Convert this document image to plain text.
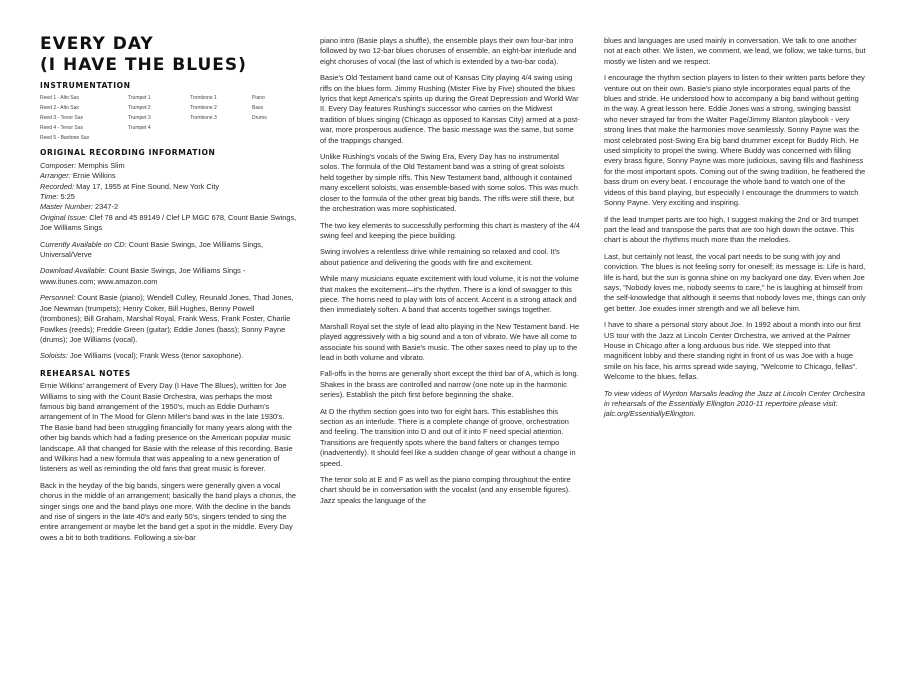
EVERY DAY
(I HAVE THE BLUES)
INSTRUMENTATION
Reed 1 - Alto Sax
Reed 2 - Alto Sax
Reed 3 - Tenor Sax
Reed 4 - Tenor Sax
Reed 5 - Baritone Sax
Trumpet 1
Trumpet 2
Trumpet 3
Trumpet 4
Trombone 1
Trombone 2
Trombone 3
Piano
Bass
Drums
ORIGINAL RECORDING INFORMATION

Composer: Memphis Slim

Arranger: Ernie Wilkins

Recorded: May 17, 1955 at Fine Sound, New York City

Time: 5:25

Master Number: 2347-2

Original Issue: Clef 78 and 45 89149 / Clef LP MGC 678, Count Basie Swings, Joe Williams Sings

Currently Available on CD: Count Basie Swings, Joe Williams Sings, Universal/Verve

Download Available: Count Basie Swings, Joe Williams Sings - www.itunes.com; www.amazon.com

Personnel: Count Basie (piano); Wendell Culley, Reunald Jones, Thad Jones, Joe Newman (trumpets); Henry Coker, Bill Hughes, Benny Powell (trombones); Bill Graham, Marshal Royal, Frank Wess, Frank Foster, Charlie Fowlkes (reeds); Freddie Green (guitar); Eddie Jones (bass); Sonny Payne (drums); Joe Williams (vocal).

Soloists: Joe Williams (vocal); Frank Wess (tenor saxophone).

REHEARSAL NOTES

Ernie Wilkins' arrangement of Every Day (I Have The Blues), written for Joe Williams to sing with the Count Basie Orchestra, was perhaps the most famous big band arrangement of the 1950's, much as Eddie Durham's arrangement of In The Mood for Glenn Miller's band was in the late 1930's. The Basie band had been struggling financially for many years along with the other big bands which had a fading presence on the American popular music landscape. All that changed for Basie with the release of this recording. Basie and Wilkins had a new formula that was appealing to a new generation of listeners as well as reminding the old fans that great music is forever.

Back in the heyday of the big bands, singers were generally given a vocal chorus in the middle of an arrangement; basically the band plays a chorus, the singer sings one and the band plays one more. With the decline in the bands and rise of singers in the late 40's and early 50's, singers tended to sing the entire arrangement or maybe let the band get a spot in the middle. Every Day owes a bit to both traditions. Following a six-bar

piano intro (Basie plays a shuffle), the ensemble plays their own four-bar intro followed by two 12-bar blues choruses of ensemble, an eight-bar interlude and eight choruses of vocal (the last of which is extended by a two-bar coda).

Basie's Old Testament band came out of Kansas City playing 4/4 swing using riffs on the blues form. Jimmy Rushing (Mister Five by Five) shouted the blues lyrics that kept America's spirits up during the Great Depression and World War II. Every Day features Rushing's successor who carries on the Midwest tradition of blues singing (Chicago as opposed to Kansas City) armed at a post-war, more prosperous audience. The basic message was the same, but some of the trappings changed.

Unlike Rushing's vocals of the Swing Era, Every Day has no instrumental solos. The formula of the Old Testament band was a string of great soloists held together by simple riffs. This New Testament band, although it contained many excellent soloists, was ensemble-based with some solos. This was much closer to the formula of the other great big bands. The riffs were still there, but the orchestration was more sophisticated.

The two key elements to successfully performing this chart is mastery of the 4/4 swing feel and keeping the piece building.

Swing involves a relentless drive while remaining so relaxed and cool. It's about patience and delivering the goods with fire and excitement.

While many musicians equate excitement with loud volume, it is not the volume that makes the excitement—it's the rhythm. There is a kind of swagger to this piece. The horns need to play with lots of accent. Accent is a strong attack and then immediately soften. A band that accents together swings together.

Marshall Royal set the style of lead alto playing in the New Testament band. He played aggressively with a big sound and a ton of vibrato. We have all come to associate his sound with Basie's music. The other saxes need to play up to the lead in both volume and vibrato.

Fall-offs in the horns are generally short except the third bar of A, which is long. Shakes in the brass are controlled and narrow (one note up in the harmonic series). Establish the pitch first before beginning the shake.

At D the rhythm section goes into two for eight bars. This establishes this section as an interlude. There is a complete change of groove, orchestration and feeling. The transition into D and out of it into F need special attention. Transitions are frequently spots where the band falters or changes tempo (inadvertently). It should feel like a sudden change of gear without a change in speed.

The tenor solo at E and F as well as the piano comping throughout the entire chart should be in conversation with the vocalist (and any ensemble figures). Jazz speaks the language of the

blues and languages are used mainly in conversation. We talk to one another not at each other. We listen, we comment, we lead, we follow, we take turns, but mostly we listen and we respect.

I encourage the rhythm section players to listen to their written parts before they venture out on their own. Basie's piano style incorporates equal parts of the blues and stride. He understood how to accompany a big band without getting in the way. A great lesson here. Eddie Jones was a strong, swinging bassist who never strayed far from the Walter Page/Jimmy Blanton playbook - very strong lines that make the harmonies move seamlessly. Sonny Payne was the most celebrated post-Swing Era big band drummer except for Buddy Rich. He used simplicity to propel the swing. Where Buddy was concerned with filling every brass figure, Sonny Payne was more judicious, saving fills and flashiness for the most important spots. Coming out of the swing tradition, he feathered the bass drum on every beat. I encourage the whole band to watch one of the videos of this band playing, but especially I encourage the drummers to watch Sonny Payne. Very exciting and inspiring.

If the lead trumpet parts are too high, I suggest making the 2nd or 3rd trumpet part the lead and transpose the parts that are too high down the octave. This chart is about the rhythms much more than the melodies.

Last, but certainly not least, the vocal part needs to be sung with joy and conviction. The blues is not feeling sorry for oneself; its message is: Life is hard, life is hard, but the sun is gonna shine on my backyard one day. Even when Joe says, "Nobody loves me, nobody seems to care," he is laughing at himself from the self-knowledge that although it seems that nobody loves me, things can only get better. Joe exudes inner strength and we all believe him.

I have to share a personal story about Joe. In 1992 about a month into our first US tour with the Jazz at Lincoln Center Orchestra, we arrived at the Palmer House in Chicago after a long arduous bus ride. We stepped into that magnificent lobby and there standing right in front of us was Joe with a huge smile on his face, his arms spread wide saying, "Welcome to Chicago, fellas". Welcome to the blues, fellas.

To view videos of Wynton Marsalis leading the Jazz at Lincoln Center Orchestra in rehearsals of the Essentially Ellington 2010-11 repertoire please visit: jalc.org/EssentiallyEllington.
